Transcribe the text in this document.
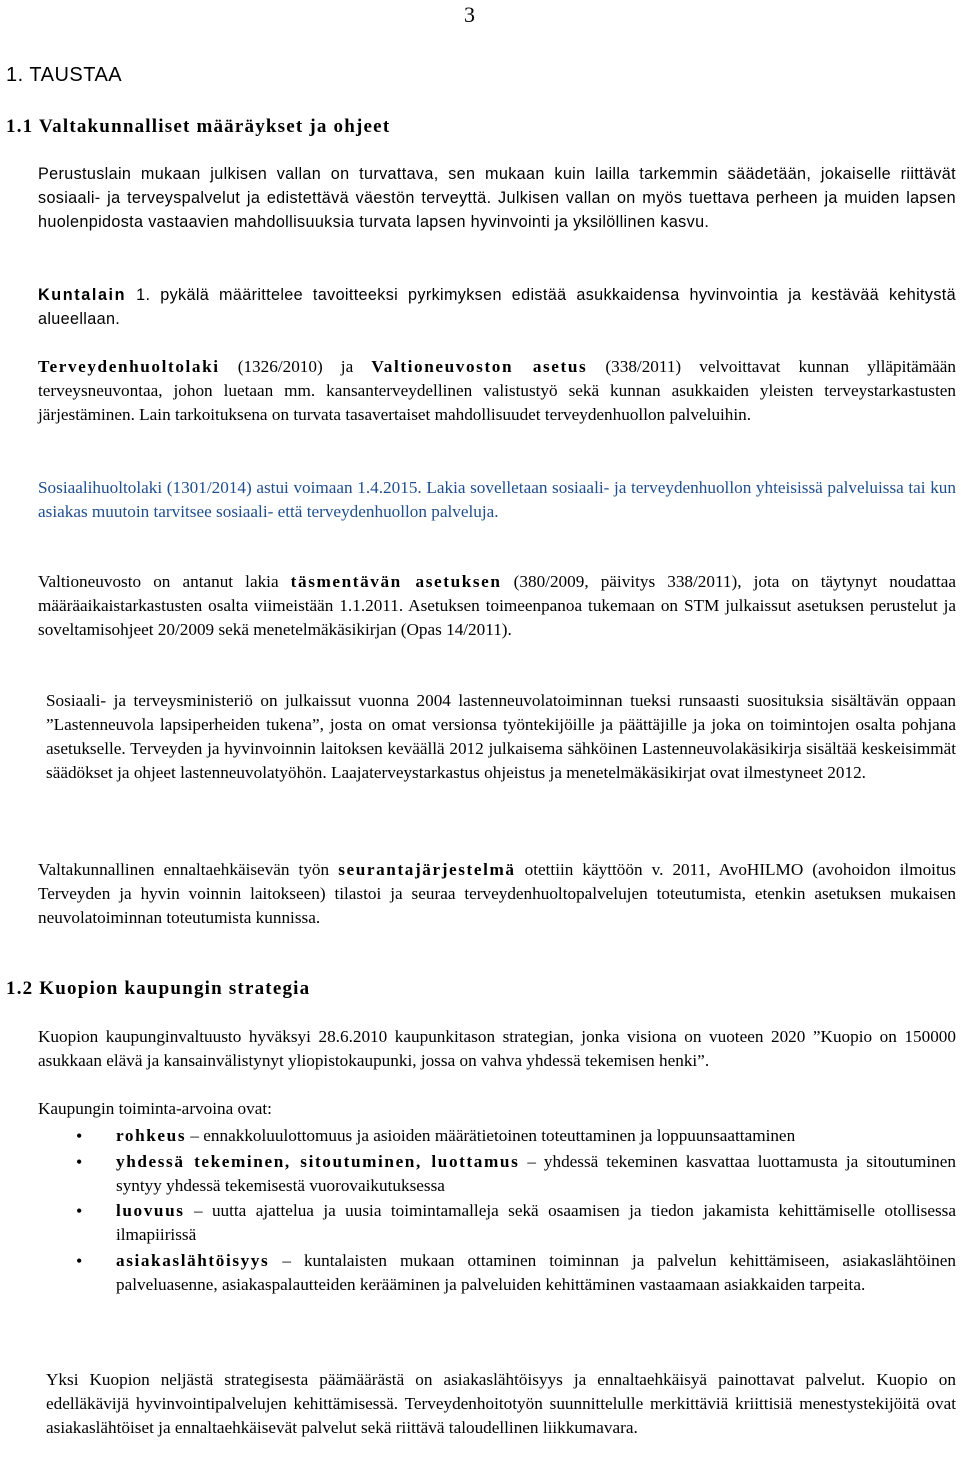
3
1. TAUSTAA
1.1 Valtakunnalliset määräykset ja ohjeet

Perustuslain mukaan julkisen vallan on turvattava, sen mukaan kuin lailla tarkemmin säädetään, jokaiselle riittävät sosiaali- ja terveyspalvelut ja edistettävä väestön terveyttä. Julkisen vallan on myös tuettava perheen ja muiden lapsen huolenpidosta vastaavien mahdollisuuksia turvata lapsen hyvinvointi ja yksilöllinen kasvu.

Kuntalain 1. pykälä määrittelee tavoitteeksi pyrkimyksen edistää asukkaidensa hyvinvointia ja kestävää kehitystä alueellaan.

Terveydenhuoltolaki (1326/2010) ja Valtioneuvoston asetus (338/2011) velvoittavat kunnan ylläpitämään terveysneuvontaa, johon luetaan mm. kansanterveydellinen valistustyö sekä kunnan asukkaiden yleisten terveystarkastusten järjestäminen. Lain tarkoituksena on turvata tasavertaiset mahdollisuudet terveydenhuollon palveluihin.

Sosiaalihuoltolaki (1301/2014) astui voimaan 1.4.2015. Lakia sovelletaan sosiaali- ja terveydenhuollon yhteisissä palveluissa tai kun asiakas muutoin tarvitsee sosiaali- että terveydenhuollon palveluja.

Valtioneuvosto on antanut lakia täsmentävän asetuksen (380/2009, päivitys 338/2011), jota on täytynyt noudattaa määräaikaistarkastusten osalta viimeistään 1.1.2011. Asetuksen toimeenpanoa tukemaan on STM julkaissut asetuksen perustelut ja soveltamisohjeet 20/2009 sekä menetelmäkäsikirjan (Opas 14/2011).

Sosiaali- ja terveysministeriö on julkaissut vuonna 2004 lastenneuvolatoiminnan tueksi runsaasti suosituksia sisältävän oppaan ”Lastenneuvola lapsiperheiden tukena”, josta on omat versionsa työntekijöille ja päättäjille ja joka on toimintojen osalta pohjana asetukselle. Terveyden ja hyvinvoinnin laitoksen keväällä 2012 julkaisema sähköinen Lastenneuvolakäsikirja sisältää keskeisimmät säädökset ja ohjeet lastenneuvolatyöhön. Laajaterveystarkastus ohjeistus ja menetelmäkäsikirjat ovat ilmestyneet 2012.

Valtakunnallinen ennaltaehkäisevän työn seurantajärjestelmä otettiin käyttöön v. 2011, AvoHILMO (avohoidon ilmoitus Terveyden ja hyvin voinnin laitokseen) tilastoi ja seuraa terveydenhuoltopalvelujen toteutumista, etenkin asetuksen mukaisen neuvolatoiminnan toteutumista kunnissa.

1.2 Kuopion kaupungin strategia

Kuopion kaupunginvaltuusto hyväksyi 28.6.2010 kaupunkitason strategian, jonka visiona on vuoteen 2020 ”Kuopio on 150000 asukkaan elävä ja kansainvälistynyt yliopistokaupunki, jossa on vahva yhdessä tekemisen henki”.

Kaupungin toiminta-arvoina ovat:

• rohkeus – ennakkoluulottomuus ja asioiden määrätietoinen toteuttaminen ja loppuunsaattaminen
• yhdessä tekeminen, sitoutuminen, luottamus – yhdessä tekeminen kasvattaa luottamusta ja sitoutuminen syntyy yhdessä tekemisestä vuorovaikutuksessa
• luovuus – uutta ajattelua ja uusia toimintamalleja sekä osaamisen ja tiedon jakamista kehittämiselle otollisessa ilmapiirissä
• asiakaslähtöisyys – kuntalaisten mukaan ottaminen toiminnan ja palvelun kehittämiseen, asiakaslähtöinen palveluasenne, asiakaspalautteiden kerääminen ja palveluiden kehittäminen vastaamaan asiakkaiden tarpeita.

Yksi Kuopion neljästä strategisesta päämäärästä on asiakaslähtöisyys ja ennaltaehkäisyä painottavat palvelut. Kuopio on edelläkävijä hyvinvointipalvelujen kehittämisessä. Terveydenhoitotyön suunnittelulle merkittäviä kriittisiä menestystekijöitä ovat asiakaslähtöiset ja ennaltaehkäisevät palvelut sekä riittävä taloudellinen liikkumavara.
